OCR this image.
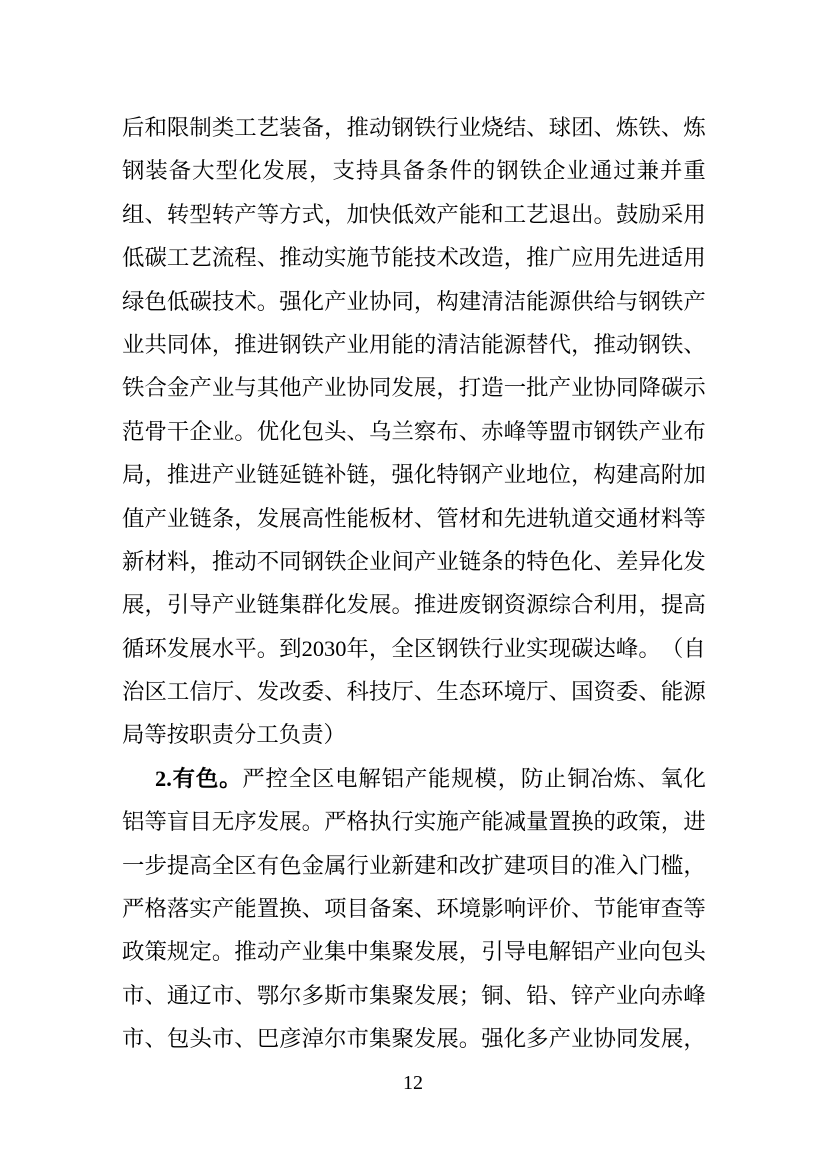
后 和 限 制 类 工 艺 装 备 ， 推 动 钢 铁 行 业 烧 结 、 球 团 、 炼 铁 、 炼
钢 装 备 大 型 化 发 展 ， 支 持 具 备 条 件 的 钢 铁 企 业 通 过 兼 并 重
组 、 转 型 转 产 等 方 式 ， 加 快 低 效 产 能 和 工 艺 退 出 。 鼓 励 采 用
低 碳 工 艺 流 程 、 推 动 实 施 节 能 技 术 改 造 ， 推 广 应 用 先 进 适 用
绿 色 低 碳 技 术 。 强 化 产 业 协 同 ， 构 建 清 洁 能 源 供 给 与 钢 铁 产
业 共 同 体 ， 推 进 钢 铁 产 业 用 能 的 清 洁 能 源 替 代 ， 推 动 钢 铁 、
铁 合 金 产 业 与 其 他 产 业 协 同 发 展 ， 打 造 一 批 产 业 协 同 降 碳 示
范 骨 干 企 业 。 优 化 包 头 、 乌 兰 察 布 、 赤 峰 等 盟 市 钢 铁 产 业 布
局 ， 推 进 产 业 链 延 链 补 链 ， 强 化 特 钢 产 业 地 位 ， 构 建 高 附 加
值 产 业 链 条 ， 发 展 高 性 能 板 材 、 管 材 和 先 进 轨 道 交 通 材 料 等
新 材 料 ， 推 动 不 同 钢 铁 企 业 间 产 业 链 条 的 特 色 化 、 差 异 化 发
展 ， 引 导 产 业 链 集 群 化 发 展 。 推 进 废 钢 资 源 综 合 利 用 ， 提 高
循 环 发 展 水 平 。 到 2030 年 ， 全 区 钢 铁 行 业 实 现 碳 达 峰 。 （ 自
治 区 工 信 厅 、 发 改 委 、 科 技 厅 、 生 态 环 境 厅 、 国 资 委 、 能 源
局 等 按 职 责 分 工 负 责 ）
2. 有 色 。 严 控 全 区 电 解 铝 产 能 规 模 ， 防 止 铜 冶 炼 、 氧 化
铝 等 盲 目 无 序 发 展 。 严 格 执 行 实 施 产 能 减 量 置 换 的 政 策 ， 进
一 步 提 高 全 区 有 色 金 属 行 业 新 建 和 改 扩 建 项 目 的 准 入 门 槛 ，
严 格 落 实 产 能 置 换 、 项 目 备 案 、 环 境 影 响 评 价 、 节 能 审 查 等
政 策 规 定 。 推 动 产 业 集 中 集 聚 发 展 ， 引 导 电 解 铝 产 业 向 包 头
市 、 通 辽 市 、 鄂 尔 多 斯 市 集 聚 发 展 ； 铜 、 铅 、 锌 产 业 向 赤 峰
市 、 包 头 市 、 巴 彦 淖 尔 市 集 聚 发 展 。 强 化 多 产 业 协 同 发 展 ，
12
